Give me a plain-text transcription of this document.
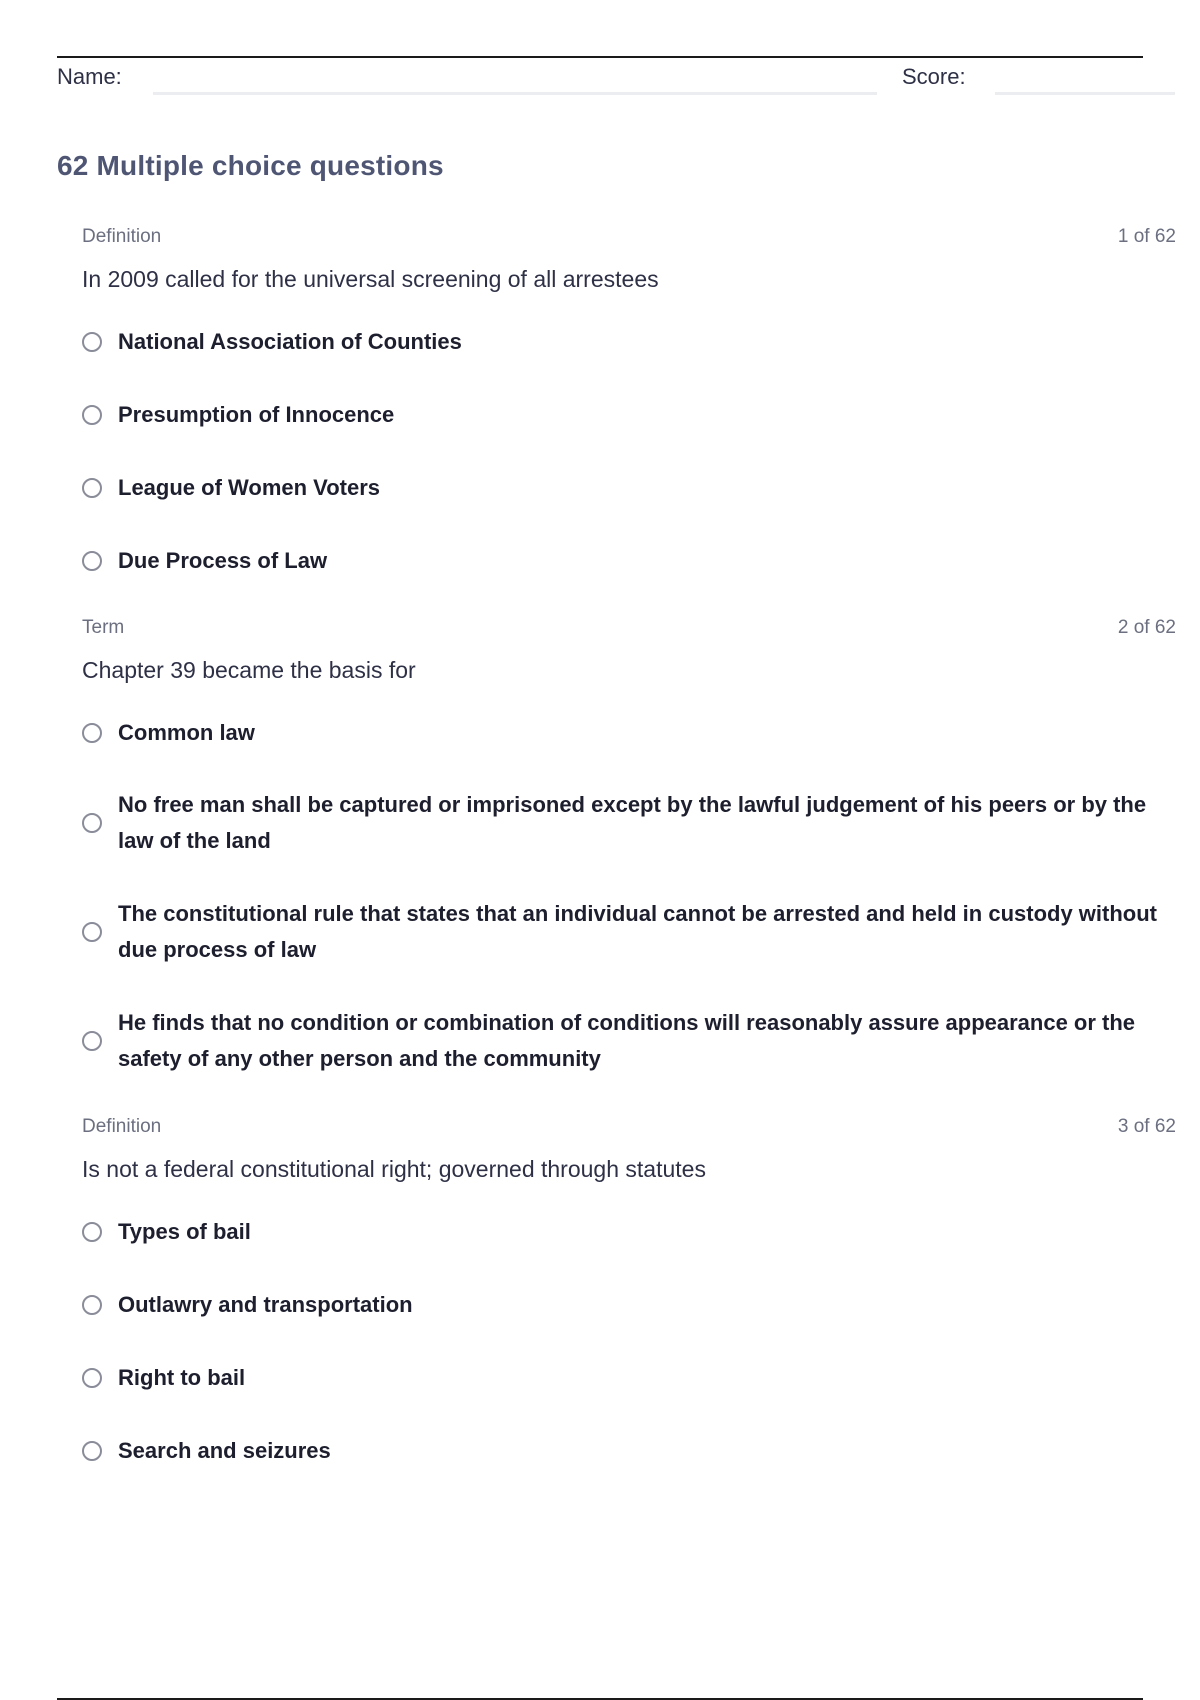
Name:	Score:
62 Multiple choice questions
Definition	1 of 62
In 2009 called for the universal screening of all arrestees
National Association of Counties
Presumption of Innocence
League of Women Voters
Due Process of Law
Term	2 of 62
Chapter 39 became the basis for
Common law
No free man shall be captured or imprisoned except by the lawful judgement of his peers or by the law of the land
The constitutional rule that states that an individual cannot be arrested and held in custody without due process of law
He finds that no condition or combination of conditions will reasonably assure appearance or the safety of any other person and the community
Definition	3 of 62
Is not a federal constitutional right; governed through statutes
Types of bail
Outlawry and transportation
Right to bail
Search and seizures
